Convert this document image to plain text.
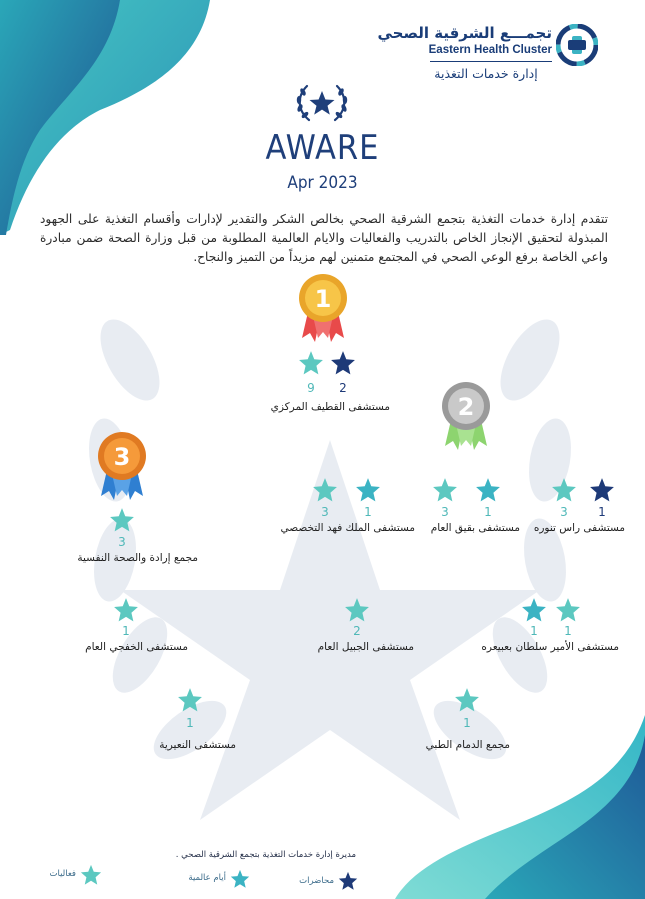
تجمـــع الشرقية الصحي
Eastern Health Cluster
إدارة خدمات التغذية
AWARE
Apr 2023
تتقدم إدارة خدمات التغذية بتجمع الشرقية الصحي بخالص الشكر والتقدير لإدارات وأقسام التغذية على الجهود المبذولة لتحقيق الإنجاز الخاص بالتدريب والفعاليات والايام العالمية المطلوبة من قبل وزارة الصحة ضمن مبادرة واعي الخاصة برفع الوعي الصحي في المجتمع متمنين لهم مزيداً من التميز والنجاح.
1
2
3
9	2
مستشفى القطيف المركزي
3	1
مستشفى راس تنوره
3	1
مستشفى بقيق العام
3	1
مستشفى الملك فهد التخصصي
3
مجمع إرادة والصحة النفسية
1	1
مستشفى الأمير سلطان بعبيعره
2
مستشفى الجبيل العام
1
مستشفى الخفجي العام
1
مجمع الدمام الطبي
1
مستشفى النعيرية
مديرة إدارة خدمات التغذية بتجمع الشرقية الصحي .
فعاليات	أيام عالمية	محاضرات
